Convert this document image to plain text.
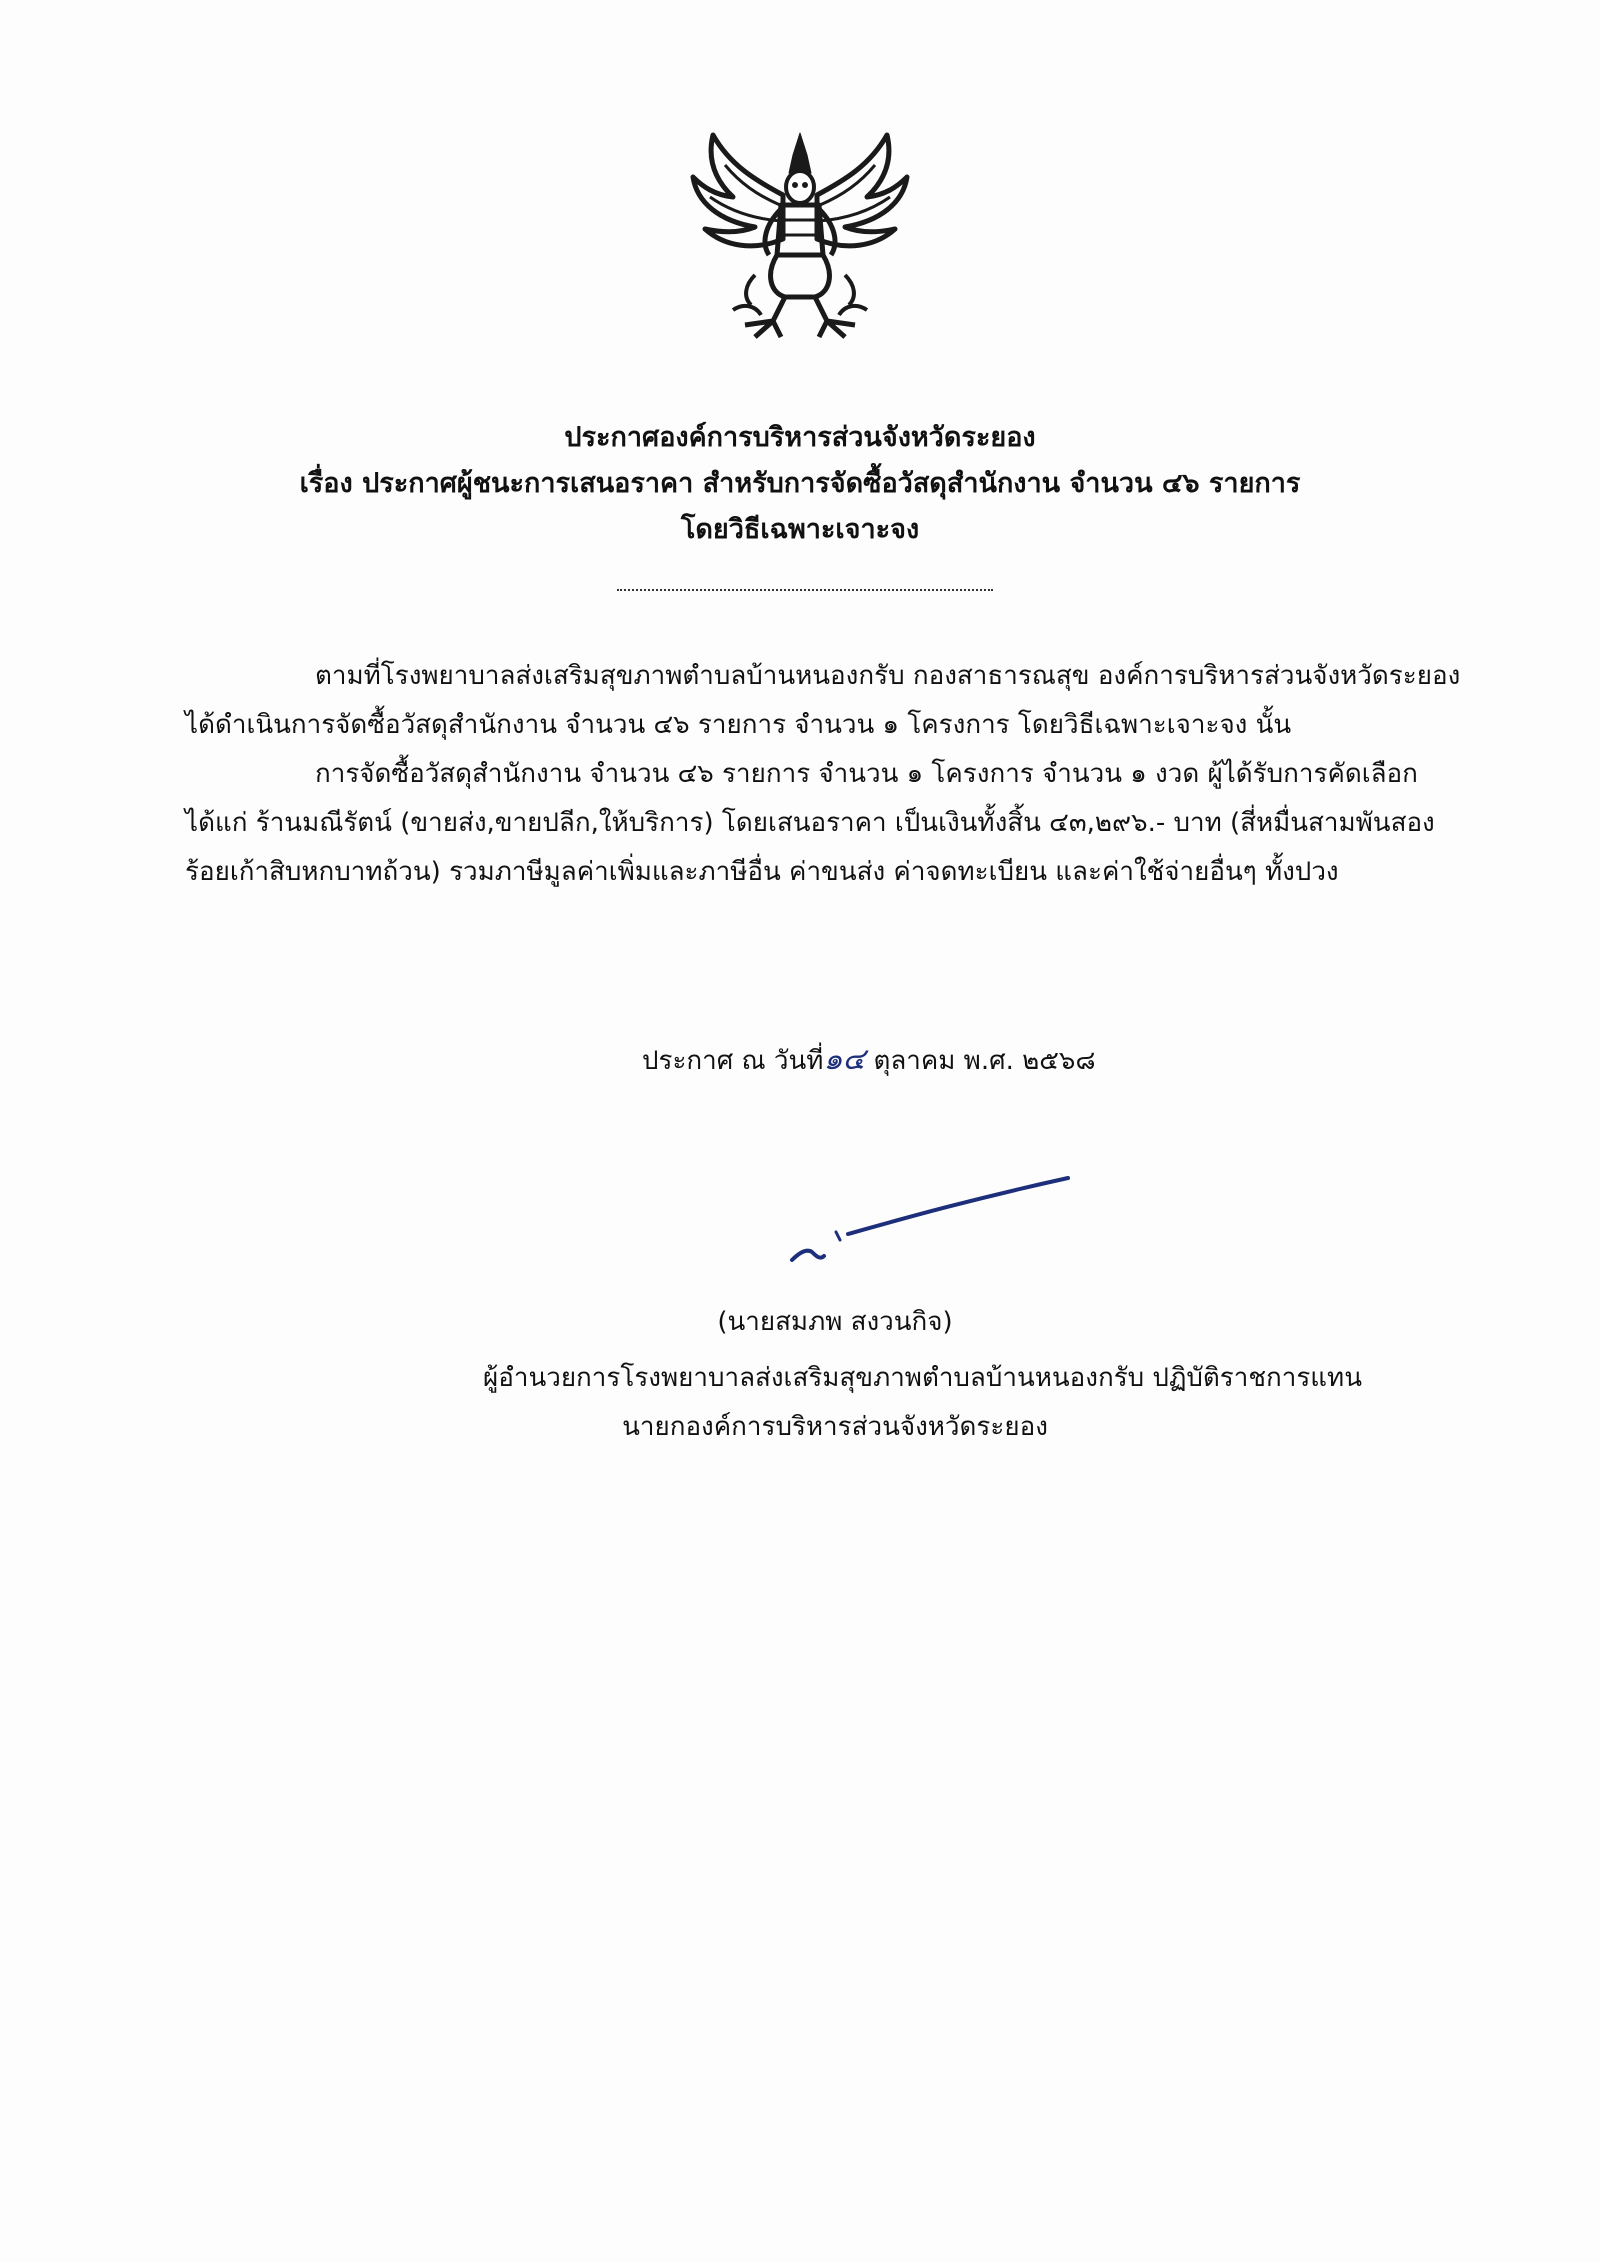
ประกาศองค์การบริหารส่วนจังหวัดระยอง
เรื่อง ประกาศผู้ชนะการเสนอราคา สำหรับการจัดซื้อวัสดุสำนักงาน จำนวน ๔๖ รายการ
โดยวิธีเฉพาะเจาะจง
ตามที่โรงพยาบาลส่งเสริมสุขภาพตำบลบ้านหนองกรับ กองสาธารณสุข องค์การบริหารส่วนจังหวัดระยอง
ได้ดำเนินการจัดซื้อวัสดุสำนักงาน จำนวน ๔๖ รายการ จำนวน ๑ โครงการ โดยวิธีเฉพาะเจาะจง นั้น
การจัดซื้อวัสดุสำนักงาน จำนวน ๔๖ รายการ จำนวน ๑ โครงการ จำนวน ๑ งวด ผู้ได้รับการคัดเลือก
ได้แก่ ร้านมณีรัตน์ (ขายส่ง,ขายปลีก,ให้บริการ) โดยเสนอราคา เป็นเงินทั้งสิ้น ๔๓,๒๙๖.- บาท (สี่หมื่นสามพันสอง
ร้อยเก้าสิบหกบาทถ้วน) รวมภาษีมูลค่าเพิ่มและภาษีอื่น ค่าขนส่ง ค่าจดทะเบียน และค่าใช้จ่ายอื่นๆ ทั้งปวง
ประกาศ ณ วันที่๑๔ ตุลาคม พ.ศ. ๒๕๖๘
(นายสมภพ สงวนกิจ)
ผู้อำนวยการโรงพยาบาลส่งเสริมสุขภาพตำบลบ้านหนองกรับ ปฏิบัติราชการแทน
นายกองค์การบริหารส่วนจังหวัดระยอง
